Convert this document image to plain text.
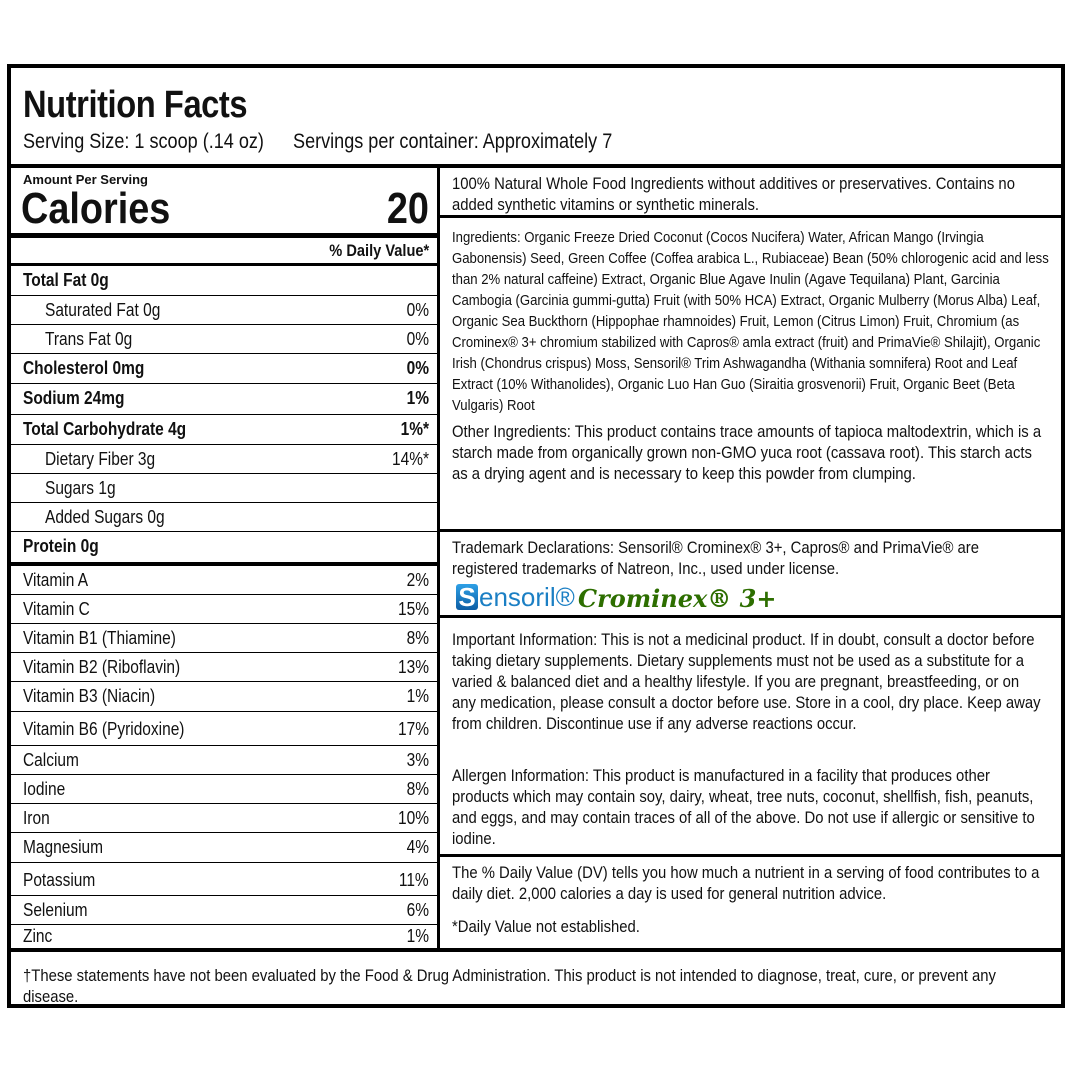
Nutrition Facts
Serving Size: 1 scoop (.14 oz) Servings per container: Approximately 7
Amount Per Serving
Calories	20
% Daily Value*
Total Fat 0g
Saturated Fat 0g	0%
Trans Fat 0g	0%
Cholesterol 0mg	0%
Sodium 24mg	1%
Total Carbohydrate 4g	1%*
Dietary Fiber 3g	14%*
Sugars 1g
Added Sugars 0g
Protein 0g
Vitamin A	2%
Vitamin C	15%
Vitamin B1 (Thiamine)	8%
Vitamin B2 (Riboflavin)	13%
Vitamin B3 (Niacin)	1%
Vitamin B6 (Pyridoxine)	17%
Calcium	3%
Iodine	8%
Iron	10%
Magnesium	4%
Potassium	11%
Selenium	6%
Zinc	1%
100% Natural Whole Food Ingredients without additives or preservatives. Contains no added synthetic vitamins or synthetic minerals.
Ingredients: Organic Freeze Dried Coconut (Cocos Nucifera) Water, African Mango (Irvingia Gabonensis) Seed, Green Coffee (Coffea arabica L., Rubiaceae) Bean (50% chlorogenic acid and less than 2% natural caffeine) Extract, Organic Blue Agave Inulin (Agave Tequilana) Plant, Garcinia Cambogia (Garcinia gummi-gutta) Fruit (with 50% HCA) Extract, Organic Mulberry (Morus Alba) Leaf, Organic Sea Buckthorn (Hippophae rhamnoides) Fruit, Lemon (Citrus Limon) Fruit, Chromium (as Crominex® 3+ chromium stabilized with Capros® amla extract (fruit) and PrimaVie® Shilajit), Organic Irish (Chondrus crispus) Moss, Sensoril® Trim Ashwagandha (Withania somnifera) Root and Leaf Extract (10% Withanolides), Organic Luo Han Guo (Siraitia grosvenorii) Fruit, Organic Beet (Beta Vulgaris) Root
Other Ingredients: This product contains trace amounts of tapioca maltodextrin, which is a starch made from organically grown non-GMO yuca root (cassava root). This starch acts as a drying agent and is necessary to keep this powder from clumping.
Trademark Declarations: Sensoril® Crominex® 3+, Capros® and PrimaVie® are registered trademarks of Natreon, Inc., used under license.
S ensoril® Crominex® 3+
Important Information: This is not a medicinal product. If in doubt, consult a doctor before taking dietary supplements. Dietary supplements must not be used as a substitute for a varied & balanced diet and a healthy lifestyle. If you are pregnant, breastfeeding, or on any medication, please consult a doctor before use. Store in a cool, dry place. Keep away from children. Discontinue use if any adverse reactions occur.
Allergen Information: This product is manufactured in a facility that produces other products which may contain soy, dairy, wheat, tree nuts, coconut, shellfish, fish, peanuts, and eggs, and may contain traces of all of the above. Do not use if allergic or sensitive to iodine.
The % Daily Value (DV) tells you how much a nutrient in a serving of food contributes to a daily diet. 2,000 calories a day is used for general nutrition advice.
*Daily Value not established.
†These statements have not been evaluated by the Food & Drug Administration. This product is not intended to diagnose, treat, cure, or prevent any disease.
